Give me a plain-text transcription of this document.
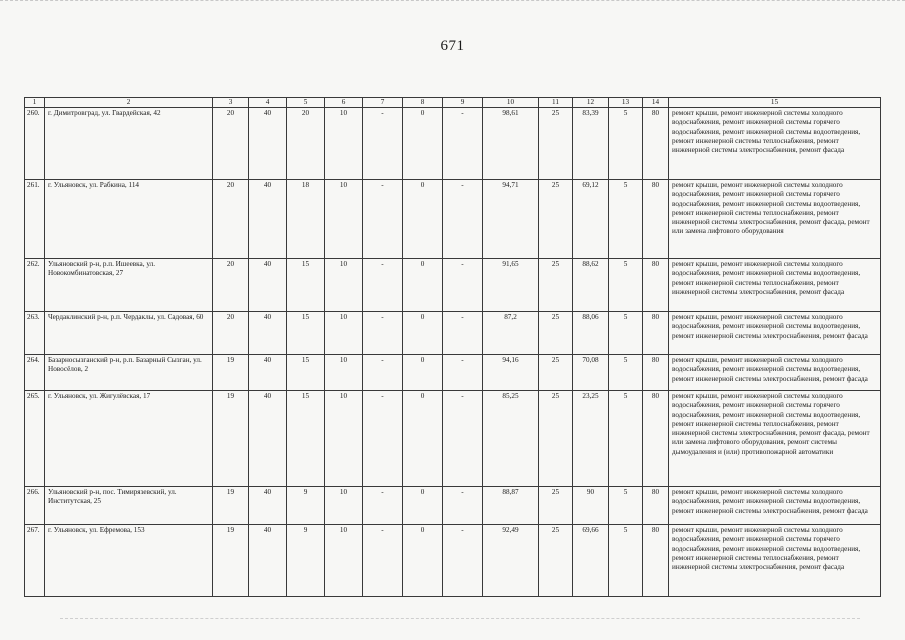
671
1	2	3	4	5	6	7	8	9	10	11	12	13	14	15
260.	г. Димитровград, ул. Гвардейская, 42	20	40	20	10	-	0	-	98,61	25	83,39	5	80	ремонт крыши, ремонт инженерной системы холодного водоснабжения, ремонт инженерной системы горячего водоснабжения, ремонт инженерной системы водоотведения, ремонт инженерной системы теплоснабжения, ремонт инженерной системы электроснабжения, ремонт фасада
261.	г. Ульяновск, ул. Рабкина, 114	20	40	18	10	-	0	-	94,71	25	69,12	5	80	ремонт крыши, ремонт инженерной системы холодного водоснабжения, ремонт инженерной системы горячего водоснабжения, ремонт инженерной системы водоотведения, ремонт инженерной системы теплоснабжения, ремонт инженерной системы электроснабжения, ремонт фасада, ремонт или замена лифтового оборудования
262.	Ульяновский р-н, р.п. Ишеевка, ул. Новокомбинатовская, 27	20	40	15	10	-	0	-	91,65	25	88,62	5	80	ремонт крыши, ремонт инженерной системы холодного водоснабжения, ремонт инженерной системы водоотведения, ремонт инженерной системы теплоснабжения, ремонт инженерной системы электроснабжения, ремонт фасада
263.	Чердаклинский р-н, р.п. Чердаклы, ул. Садовая, 60	20	40	15	10	-	0	-	87,2	25	88,06	5	80	ремонт крыши, ремонт инженерной системы холодного водоснабжения, ремонт инженерной системы водоотведения, ремонт инженерной системы электроснабжения, ремонт фасада
264.	Базарносызганский р-н, р.п. Базарный Сызган, ул. Новосёлов, 2	19	40	15	10	-	0	-	94,16	25	70,08	5	80	ремонт крыши, ремонт инженерной системы холодного водоснабжения, ремонт инженерной системы водоотведения, ремонт инженерной системы электроснабжения, ремонт фасада
265.	г. Ульяновск, ул. Жигулёвская, 17	19	40	15	10	-	0	-	85,25	25	23,25	5	80	ремонт крыши, ремонт инженерной системы холодного водоснабжения, ремонт инженерной системы горячего водоснабжения, ремонт инженерной системы водоотведения, ремонт инженерной системы теплоснабжения, ремонт инженерной системы электроснабжения, ремонт фасада, ремонт или замена лифтового оборудования, ремонт системы дымоудаления и (или) противопожарной автоматики
266.	Ульяновский р-н, пос. Тимирязевский, ул. Институтская, 25	19	40	9	10	-	0	-	88,87	25	90	5	80	ремонт крыши, ремонт инженерной системы холодного водоснабжения, ремонт инженерной системы водоотведения, ремонт инженерной системы электроснабжения, ремонт фасада
267.	г. Ульяновск, ул. Ефремова, 153	19	40	9	10	-	0	-	92,49	25	69,66	5	80	ремонт крыши, ремонт инженерной системы холодного водоснабжения, ремонт инженерной системы горячего водоснабжения, ремонт инженерной системы водоотведения, ремонт инженерной системы теплоснабжения, ремонт инженерной системы электроснабжения, ремонт фасада
